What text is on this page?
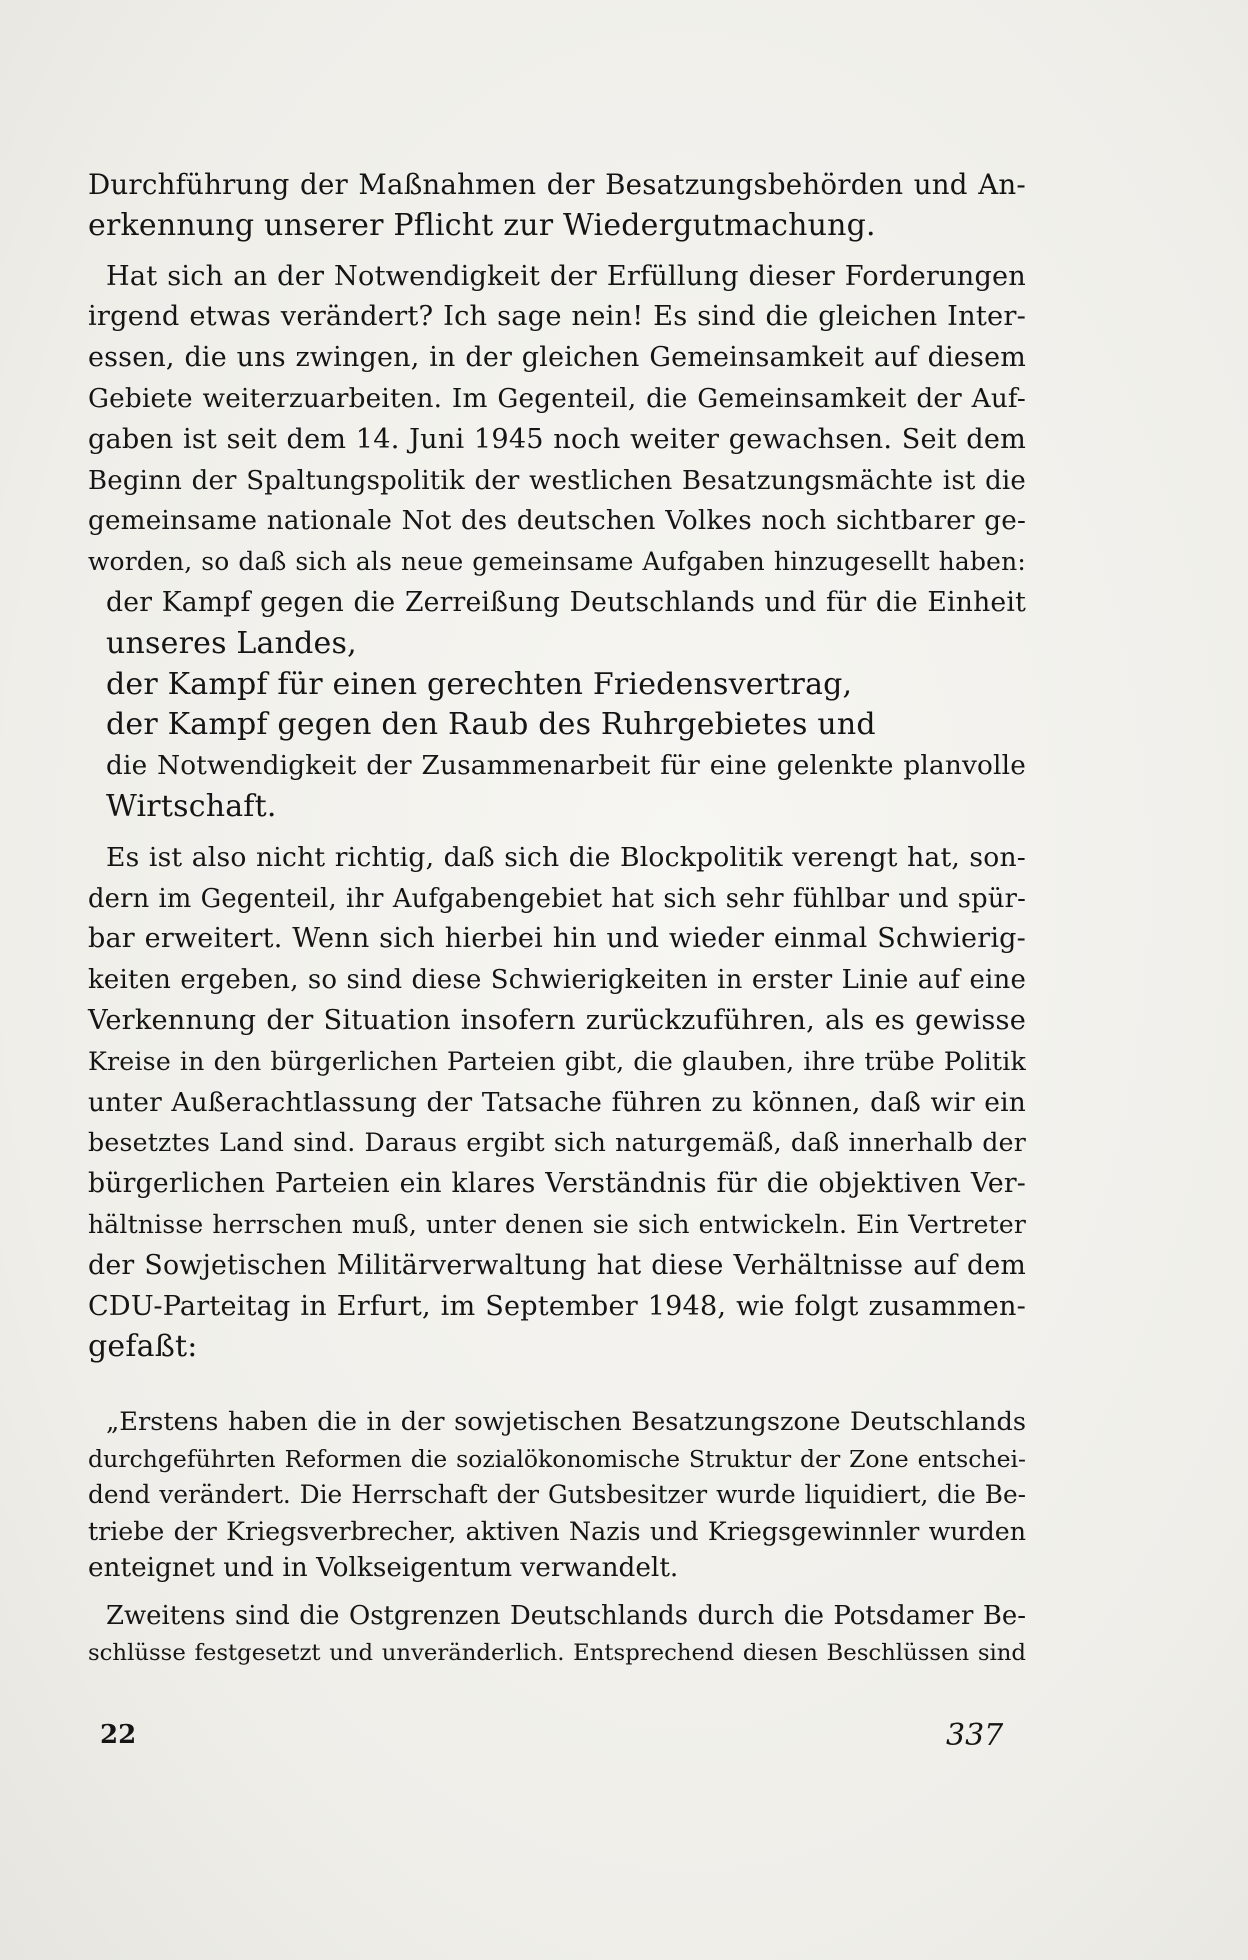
Durchführung der Maßnahmen der Besatzungsbehörden und An-
erkennung unserer Pflicht zur Wiedergutmachung.
Hat sich an der Notwendigkeit der Erfüllung dieser Forderungen
irgend etwas verändert? Ich sage nein! Es sind die gleichen Inter-
essen, die uns zwingen, in der gleichen Gemeinsamkeit auf diesem
Gebiete weiterzuarbeiten. Im Gegenteil, die Gemeinsamkeit der Auf-
gaben ist seit dem 14. Juni 1945 noch weiter gewachsen. Seit dem
Beginn der Spaltungspolitik der westlichen Besatzungsmächte ist die
gemeinsame nationale Not des deutschen Volkes noch sichtbarer ge-
worden, so daß sich als neue gemeinsame Aufgaben hinzugesellt haben:
der Kampf gegen die Zerreißung Deutschlands und für die Einheit
unseres Landes,
der Kampf für einen gerechten Friedensvertrag,
der Kampf gegen den Raub des Ruhrgebietes und
die Notwendigkeit der Zusammenarbeit für eine gelenkte planvolle
Wirtschaft.
Es ist also nicht richtig, daß sich die Blockpolitik verengt hat, son-
dern im Gegenteil, ihr Aufgabengebiet hat sich sehr fühlbar und spür-
bar erweitert. Wenn sich hierbei hin und wieder einmal Schwierig-
keiten ergeben, so sind diese Schwierigkeiten in erster Linie auf eine
Verkennung der Situation insofern zurückzuführen, als es gewisse
Kreise in den bürgerlichen Parteien gibt, die glauben, ihre trübe Politik
unter Außerachtlassung der Tatsache führen zu können, daß wir ein
besetztes Land sind. Daraus ergibt sich naturgemäß, daß innerhalb der
bürgerlichen Parteien ein klares Verständnis für die objektiven Ver-
hältnisse herrschen muß, unter denen sie sich entwickeln. Ein Vertreter
der Sowjetischen Militärverwaltung hat diese Verhältnisse auf dem
CDU-Parteitag in Erfurt, im September 1948, wie folgt zusammen-
gefaßt:
„Erstens haben die in der sowjetischen Besatzungszone Deutschlands
durchgeführten Reformen die sozialökonomische Struktur der Zone entschei-
dend verändert. Die Herrschaft der Gutsbesitzer wurde liquidiert, die Be-
triebe der Kriegsverbrecher, aktiven Nazis und Kriegsgewinnler wurden
enteignet und in Volkseigentum verwandelt.
Zweitens sind die Ostgrenzen Deutschlands durch die Potsdamer Be-
schlüsse festgesetzt und unveränderlich. Entsprechend diesen Beschlüssen sind
22	337
